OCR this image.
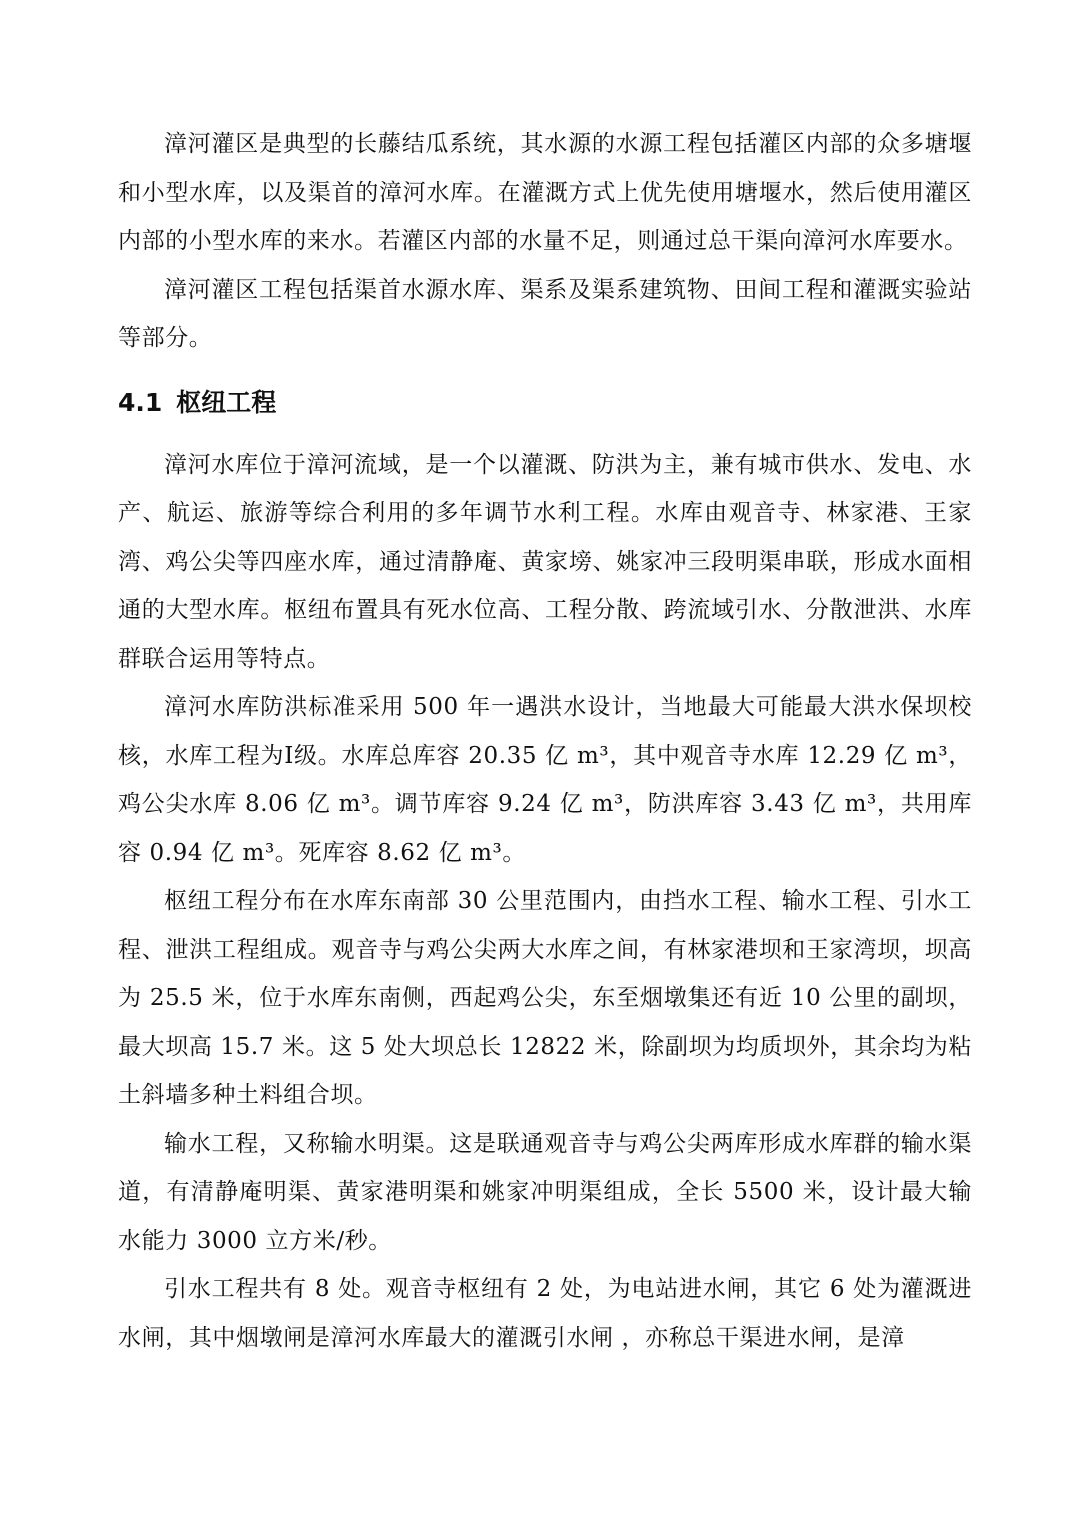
漳河灌区是典型的长藤结瓜系统，其水源的水源工程包括灌区内部的众多塘堰和小型水库，以及渠首的漳河水库。在灌溉方式上优先使用塘堰水，然后使用灌区内部的小型水库的来水。若灌区内部的水量不足，则通过总干渠向漳河水库要水。

漳河灌区工程包括渠首水源水库、渠系及渠系建筑物、田间工程和灌溉实验站等部分。

4.1 枢纽工程

漳河水库位于漳河流域，是一个以灌溉、防洪为主，兼有城市供水、发电、水产、航运、旅游等综合利用的多年调节水利工程。水库由观音寺、林家港、王家湾、鸡公尖等四座水库，通过清静庵、黄家塝、姚家冲三段明渠串联，形成水面相通的大型水库。枢纽布置具有死水位高、工程分散、跨流域引水、分散泄洪、水库群联合运用等特点。

漳河水库防洪标准采用 500 年一遇洪水设计，当地最大可能最大洪水保坝校核，水库工程为Ⅰ级。水库总库容 20.35 亿 m³，其中观音寺水库 12.29 亿 m³，鸡公尖水库 8.06 亿 m³。调节库容 9.24 亿 m³，防洪库容 3.43 亿 m³，共用库容 0.94 亿 m³。死库容 8.62 亿 m³。

枢纽工程分布在水库东南部 30 公里范围内，由挡水工程、输水工程、引水工程、泄洪工程组成。观音寺与鸡公尖两大水库之间，有林家港坝和王家湾坝，坝高为 25.5 米，位于水库东南侧，西起鸡公尖，东至烟墩集还有近 10 公里的副坝，最大坝高 15.7 米。这 5 处大坝总长 12822 米，除副坝为均质坝外，其余均为粘土斜墙多种土料组合坝。

输水工程，又称输水明渠。这是联通观音寺与鸡公尖两库形成水库群的输水渠道，有清静庵明渠、黄家港明渠和姚家冲明渠组成，全长 5500 米，设计最大输水能力 3000 立方米/秒。

引水工程共有 8 处。观音寺枢纽有 2 处，为电站进水闸，其它 6 处为灌溉进水闸，其中烟墩闸是漳河水库最大的灌溉引水闸 ，亦称总干渠进水闸，是漳
